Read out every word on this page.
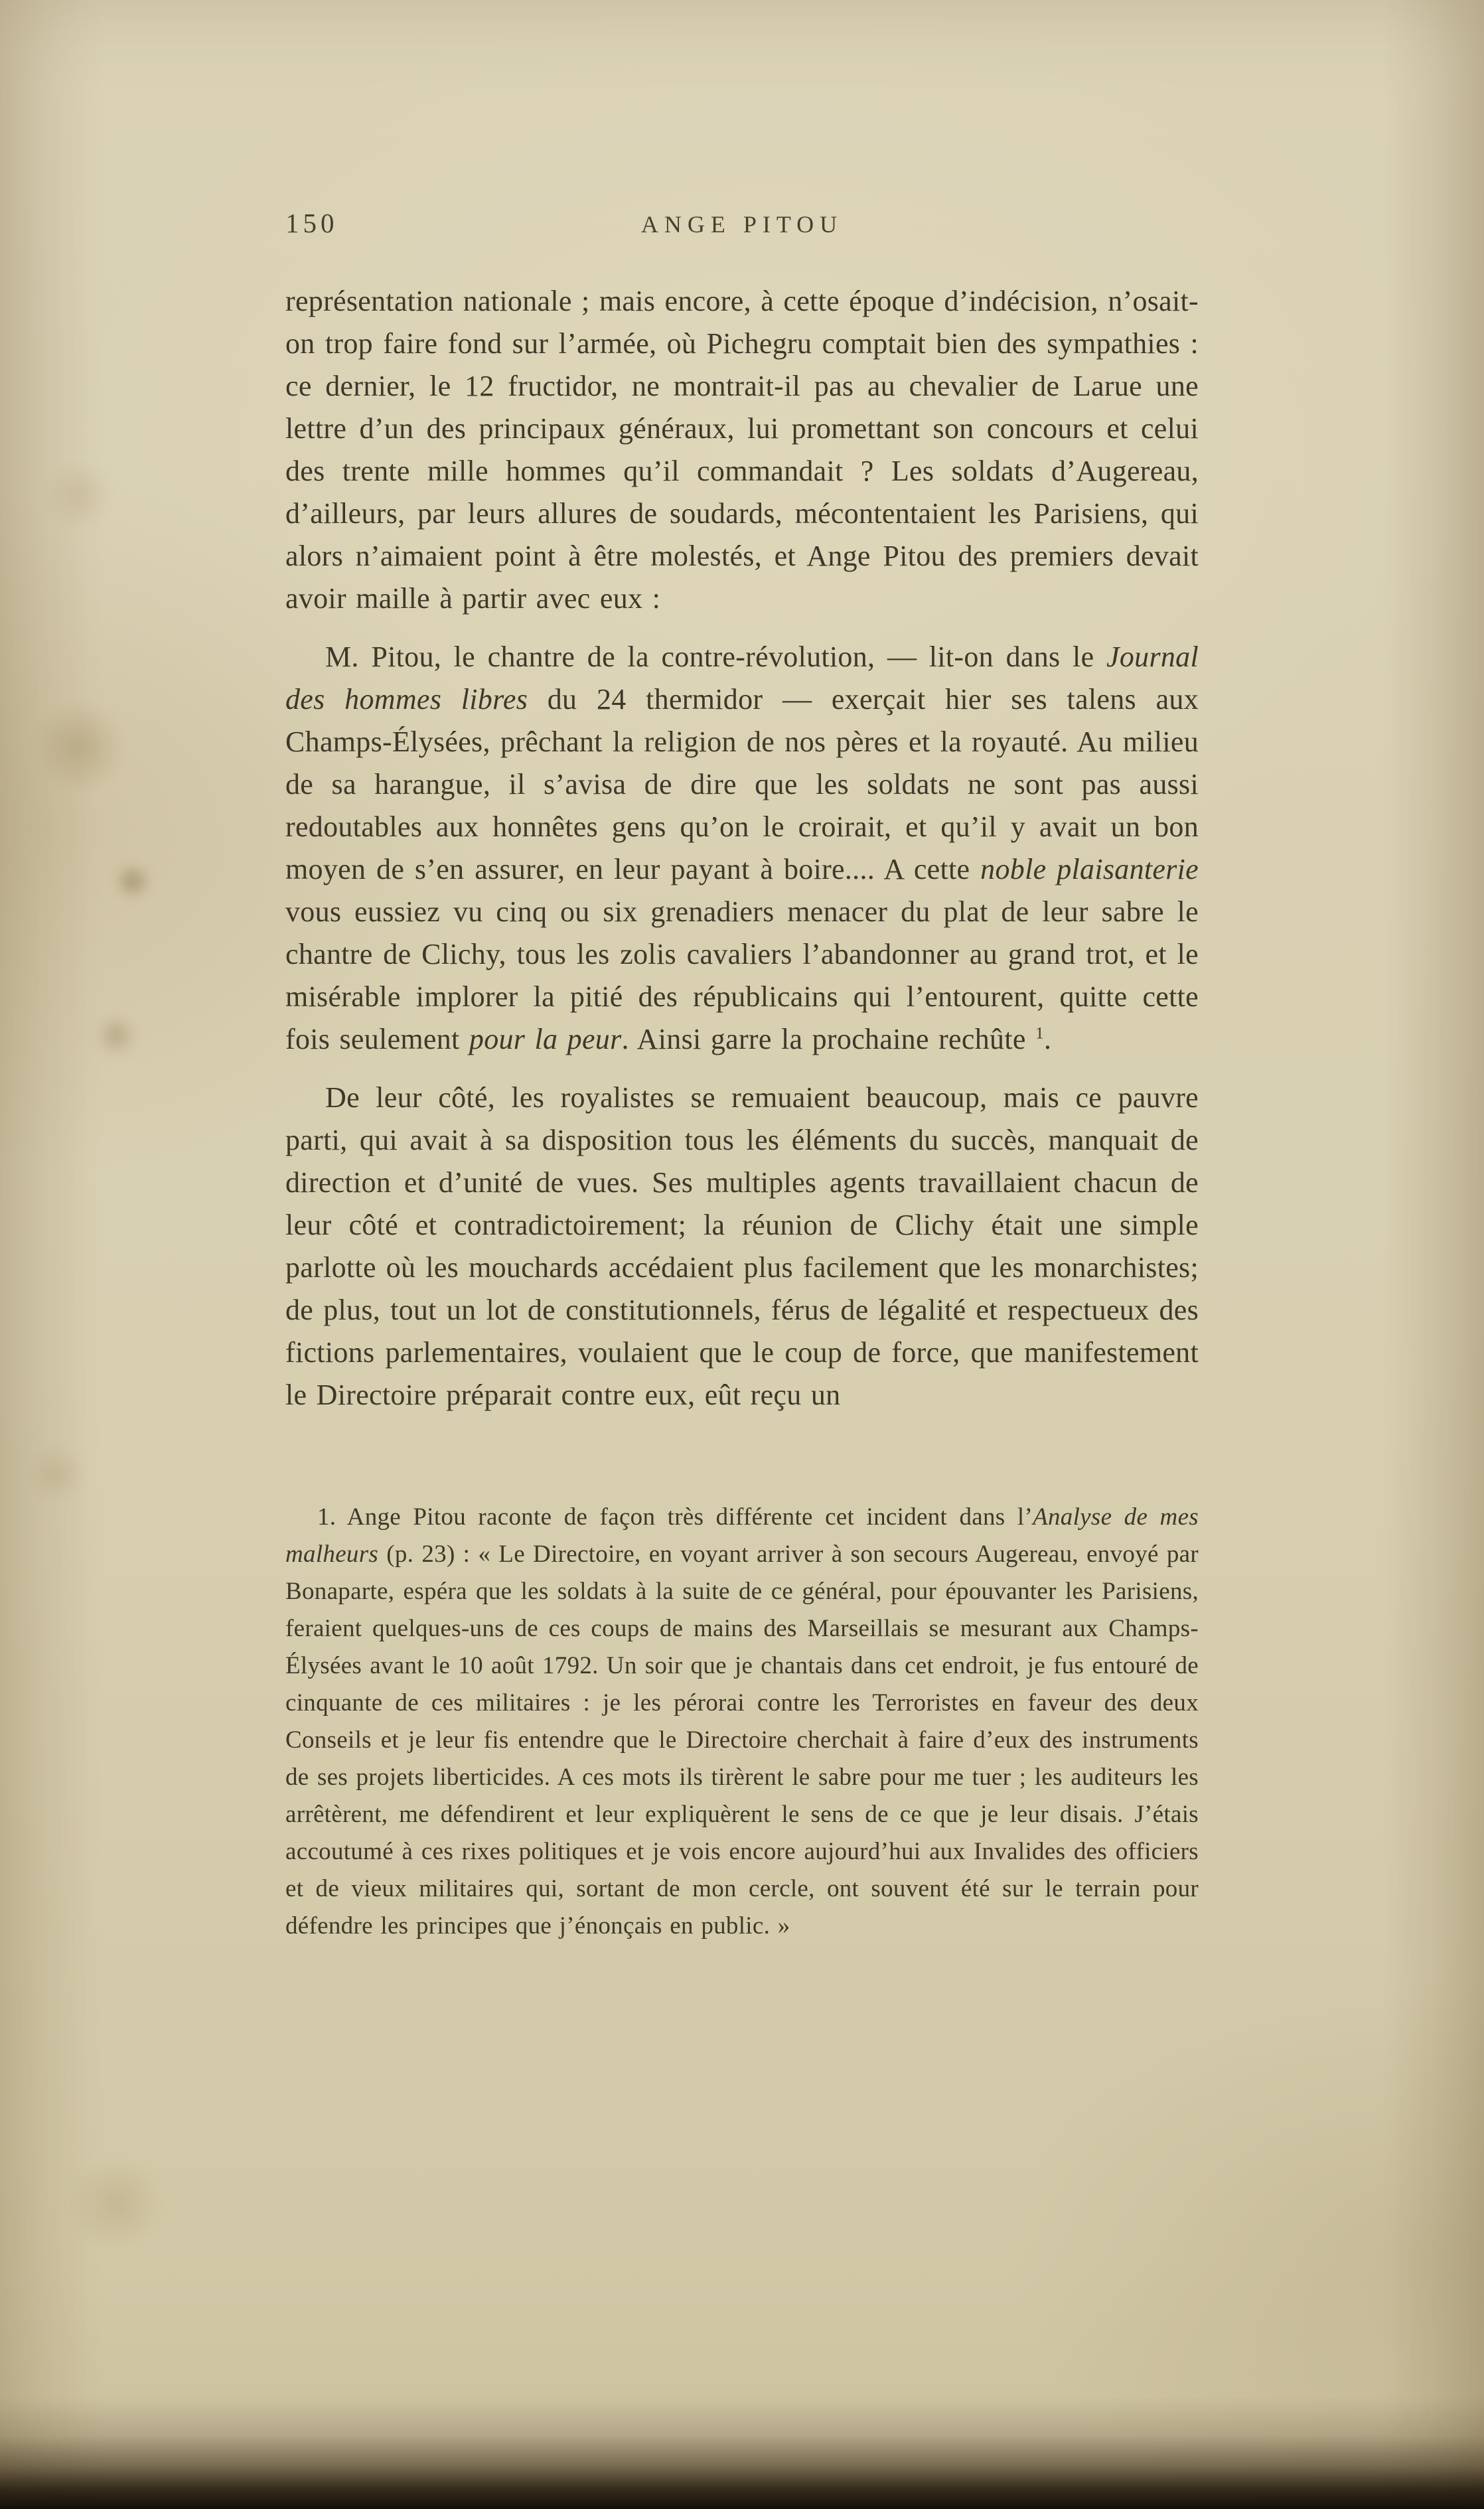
150	ANGE PITOU

représentation nationale ; mais encore, à cette époque d’indécision, n’osait-on trop faire fond sur l’armée, où Pichegru comptait bien des sympathies : ce dernier, le 12 fructidor, ne montrait-il pas au chevalier de Larue une lettre d’un des principaux généraux, lui promettant son concours et celui des trente mille hommes qu’il commandait ? Les soldats d’Augereau, d’ailleurs, par leurs allures de soudards, mécontentaient les Parisiens, qui alors n’aimaient point à être molestés, et Ange Pitou des premiers devait avoir maille à partir avec eux :

M. Pitou, le chantre de la contre-révolution, — lit-on dans le Journal des hommes libres du 24 thermidor — exerçait hier ses talens aux Champs-Élysées, prêchant la religion de nos pères et la royauté. Au milieu de sa harangue, il s’avisa de dire que les soldats ne sont pas aussi redoutables aux honnêtes gens qu’on le croirait, et qu’il y avait un bon moyen de s’en assurer, en leur payant à boire.... A cette noble plaisanterie vous eussiez vu cinq ou six grenadiers menacer du plat de leur sabre le chantre de Clichy, tous les zolis cavaliers l’abandonner au grand trot, et le misérable implorer la pitié des républicains qui l’entourent, quitte cette fois seulement pour la peur. Ainsi garre la prochaine rechûte $^1$.

De leur côté, les royalistes se remuaient beaucoup, mais ce pauvre parti, qui avait à sa disposition tous les éléments du succès, manquait de direction et d’unité de vues. Ses multiples agents travaillaient chacun de leur côté et contradictoirement; la réunion de Clichy était une simple parlotte où les mouchards accédaient plus facilement que les monarchistes; de plus, tout un lot de constitutionnels, férus de légalité et respectueux des fictions parlementaires, voulaient que le coup de force, que manifestement le Directoire préparait contre eux, eût reçu un

1. Ange Pitou raconte de façon très différente cet incident dans l’Analyse de mes malheurs (p. 23) : « Le Directoire, en voyant arriver à son secours Augereau, envoyé par Bonaparte, espéra que les soldats à la suite de ce général, pour épouvanter les Parisiens, feraient quelques-uns de ces coups de mains des Marseillais se mesurant aux Champs-Élysées avant le 10 août 1792. Un soir que je chantais dans cet endroit, je fus entouré de cinquante de ces militaires : je les pérorai contre les Terroristes en faveur des deux Conseils et je leur fis entendre que le Directoire cherchait à faire d’eux des instruments de ses projets liberticides. A ces mots ils tirèrent le sabre pour me tuer ; les auditeurs les arrêtèrent, me défendirent et leur expliquèrent le sens de ce que je leur disais. J’étais accoutumé à ces rixes politiques et je vois encore aujourd’hui aux Invalides des officiers et de vieux militaires qui, sortant de mon cercle, ont souvent été sur le terrain pour défendre les principes que j’énonçais en public. »
